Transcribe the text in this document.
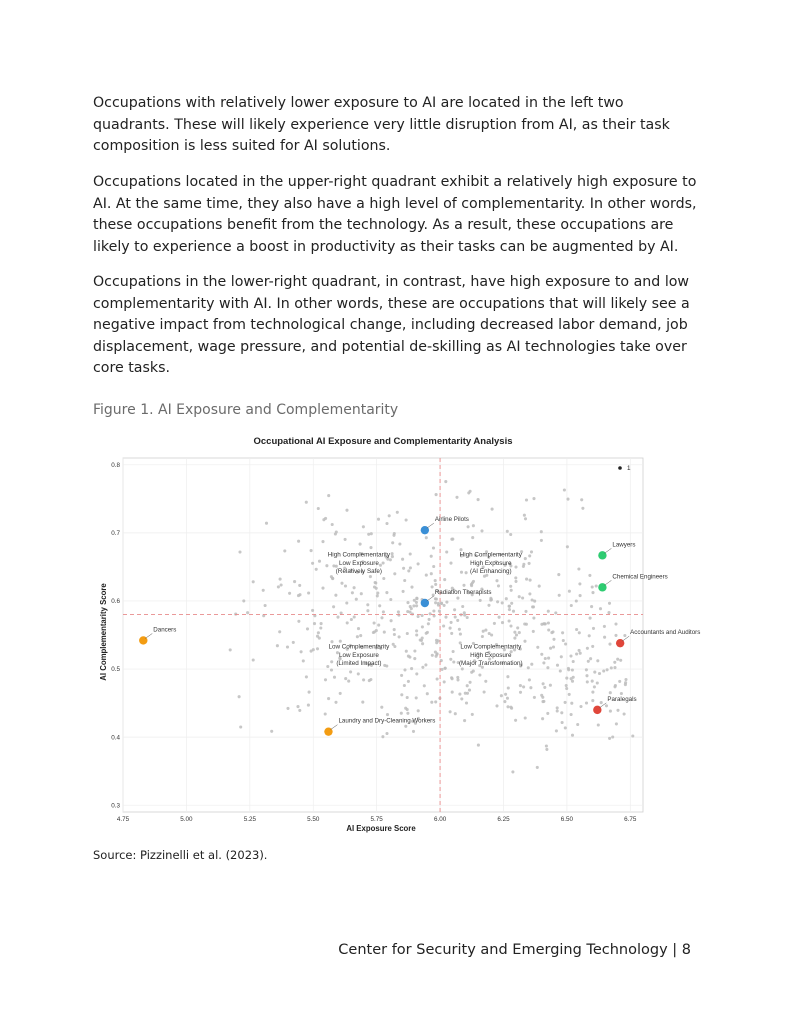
Occupations with relatively lower exposure to AI are located in the left two quadrants. These will likely experience very little disruption from AI, as their task composition is less suited for AI solutions.

Occupations located in the upper-right quadrant exhibit a relatively high exposure to AI. At the same time, they also have a high level of complementarity. In other words, these occupations benefit from the technology. As a result, these occupations are likely to experience a boost in productivity as their tasks can be augmented by AI.

Occupations in the lower-right quadrant, in contrast, have high exposure to and low complementarity with AI. In other words, these are occupations that will likely see a negative impact from technological change, including decreased labor demand, job displacement, wage pressure, and potential de-skilling as AI technologies take over core tasks.

Figure 1. AI Exposure and Complementarity

Occupational AI Exposure and Complementarity Analysis
High Complementarity
Low Exposure
(Relatively Safe)
High Complementarity
High Exposure
(AI Enhancing)
Low Complementarity
Low Exposure
(Limited Impact)
Low Complementarity
High Exposure
(Major Transformation)
Airline Pilots
Radiation Therapists
Lawyers
Chemical Engineers
Accountants and Auditors
Paralegals
Dancers
Laundry and Dry-Cleaning Workers
4.75	5.00	5.25	5.50	5.75	6.00	6.25	6.50	6.75
0.3
0.4
0.5
0.6
0.7
0.8	1
AI Exposure Score
AI Complementarity Score

Source: Pizzinelli et al. (2023).

Center for Security and Emerging Technology | 8
